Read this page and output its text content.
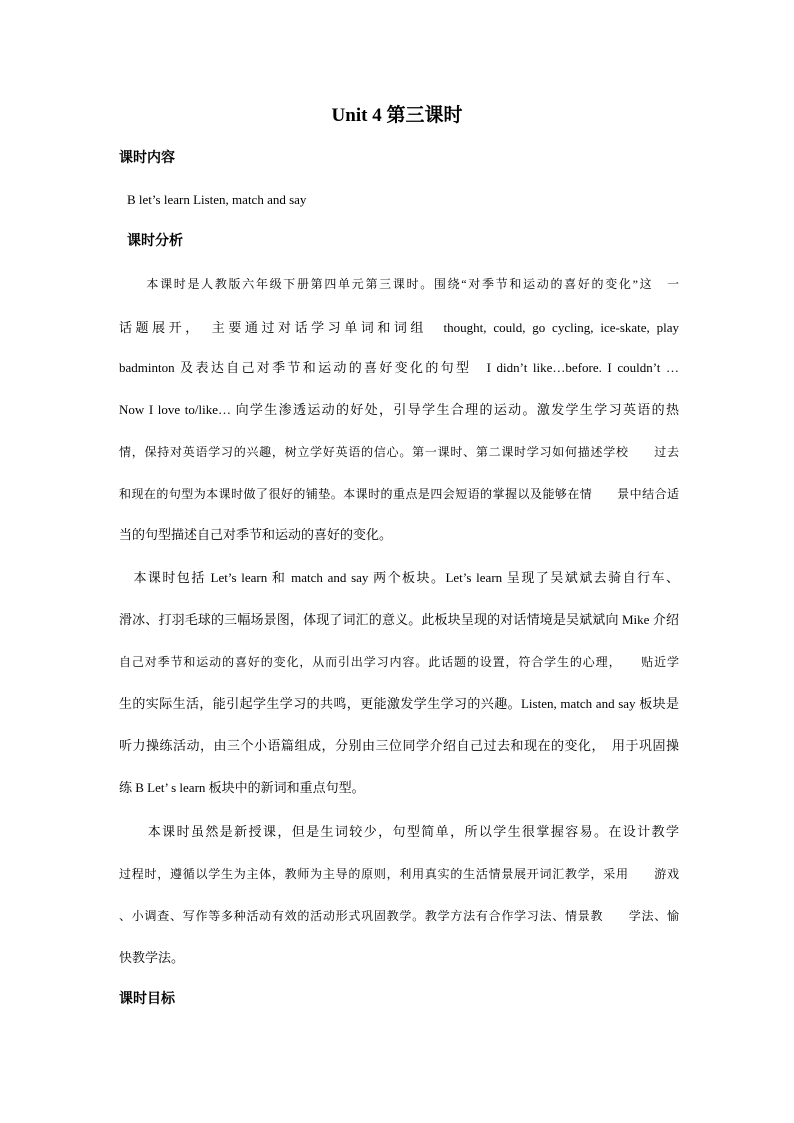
Unit 4 第三课时
课时内容
B let’s learn Listen, match and say
课时分析
　　本课时是人教版六年级下册第四单元第三课时。围绕“对季节和运动的喜好的变化”这　一
话题展开，　主要通过对话学习单词和词组　thought, could, go cycling, ice-skate, play
badminton 及表达自己对季节和运动的喜好变化的句型　I didn’t like…before. I couldn’t …
Now I love to/like… 向学生渗透运动的好处，引导学生合理的运动。激发学生学习英语的热
情，保持对英语学习的兴趣，树立学好英语的信心。第一课时、第二课时学习如何描述学校　　过去
和现在的句型为本课时做了很好的铺垫。本课时的重点是四会短语的掌握以及能够在情　　景中结合适
当的句型描述自己对季节和运动的喜好的变化。
　本课时包括 Let’s learn 和 match and say 两个板块。Let’s learn 呈现了吴斌斌去骑自行车、
滑冰、打羽毛球的三幅场景图，体现了词汇的意义。此板块呈现的对话情境是吴斌斌向 Mike 介绍
自己对季节和运动的喜好的变化，从而引出学习内容。此话题的设置，符合学生的心理，　　贴近学
生的实际生活，能引起学生学习的共鸣，更能激发学生学习的兴趣。Listen, match and say 板块是
听力操练活动，由三个小语篇组成，分别由三位同学介绍自己过去和现在的变化，　用于巩固操
练 B Let’ s learn 板块中的新词和重点句型。
　　本课时虽然是新授课，但是生词较少，句型简单，所以学生很掌握容易。在设计教学
过程时，遵循以学生为主体，教师为主导的原则，利用真实的生活情景展开词汇教学，采用　　游戏
、小调查、写作等多种活动有效的活动形式巩固教学。教学方法有合作学习法、情景教　　学法、愉
快教学法。
课时目标
